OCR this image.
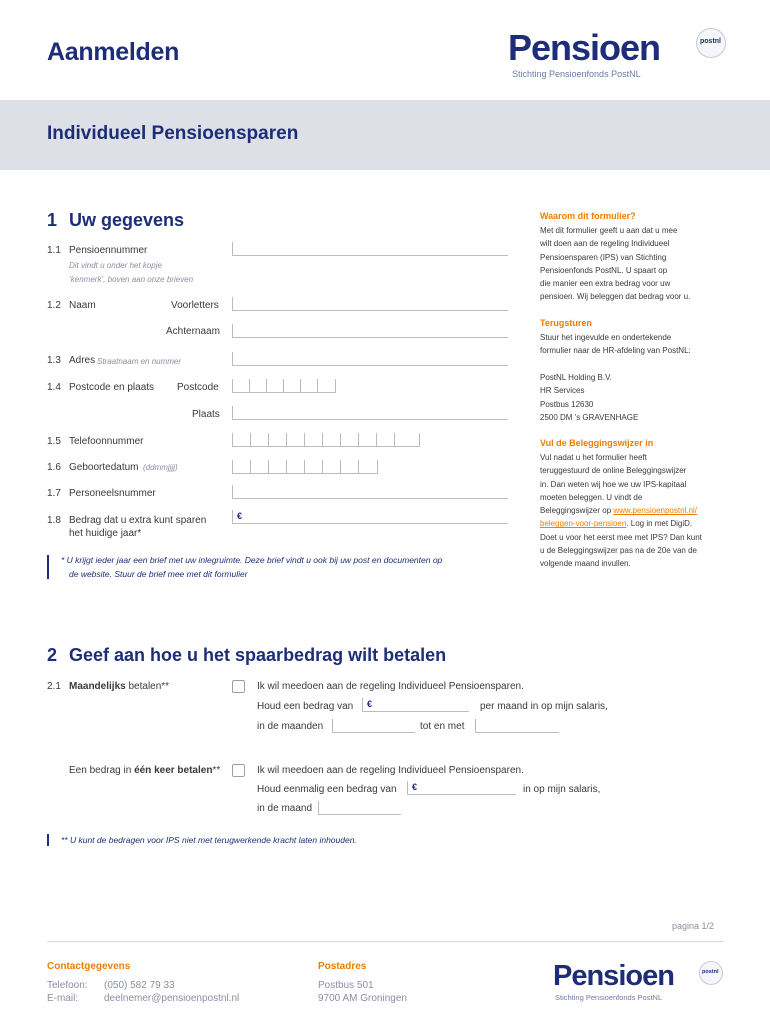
Aanmelden	Pensioen	postnl
Stichting Pensioenfonds PostNL
Individueel Pensioensparen
1 Uw gegevens
1.1 Pensioennummer
Dit vindt u onder het kopje
‘kenmerk’, boven aan onze brieven
1.2 Naam	Voorletters
Achternaam
1.3 Adres Straatnaam en nummer
1.4 Postcode en plaats Postcode
Plaats
1.5 Telefoonnummer
1.6 Geboortedatum (ddmmjjjj)
1.7 Personeelsnummer
1.8 Bedrag dat u extra kunt sparen
het huidige jaar*
€
* U krijgt ieder jaar een brief met uw inlegruimte. Deze brief vindt u ook bij uw post en documenten op
de website. Stuur de brief mee met dit formulier
Waarom dit formulier?
Met dit formulier geeft u aan dat u mee
wilt doen aan de regeling Individueel
Pensioensparen (IPS) van Stichting
Pensioenfonds PostNL. U spaart op
die manier een extra bedrag voor uw
pensioen. Wij beleggen dat bedrag voor u.
Terugsturen
Stuur het ingevulde en ondertekende
formulier naar de HR-afdeling van PostNL:
PostNL Holding B.V.
HR Services
Postbus 12630
2500 DM 's GRAVENHAGE
Vul de Beleggingswijzer in
Vul nadat u het formulier heeft
teruggestuurd de online Beleggingswijzer
in. Dan weten wij hoe we uw IPS-kapitaal
moeten beleggen. U vindt de
Beleggingswijzer op www.pensioenpostnl.nl/
beleggen-voor-pensioen. Log in met DigiD.
Doet u voor het eerst mee met IPS? Dan kunt
u de Beleggingswijzer pas na de 20e van de
volgende maand invullen.
2 Geef aan hoe u het spaarbedrag wilt betalen
2.1 Maandelijks betalen**	Ik wil meedoen aan de regeling Individueel Pensioensparen.
Houd een bedrag van €	per maand in op mijn salaris,
in de maanden	tot en met
Een bedrag in één keer betalen**	Ik wil meedoen aan de regeling Individueel Pensioensparen.
Houd eenmalig een bedrag van €	in op mijn salaris,
in de maand
** U kunt de bedragen voor IPS niet met terugwerkende kracht laten inhouden.
pagina 1/2
Contactgegevens
Telefoon: (050) 582 79 33
E-mail:	deelnemer@pensioenpostnl.nl
Postadres
Postbus 501
9700 AM Groningen
Pensioen	postnl
Stichting Pensioenfonds PostNL
